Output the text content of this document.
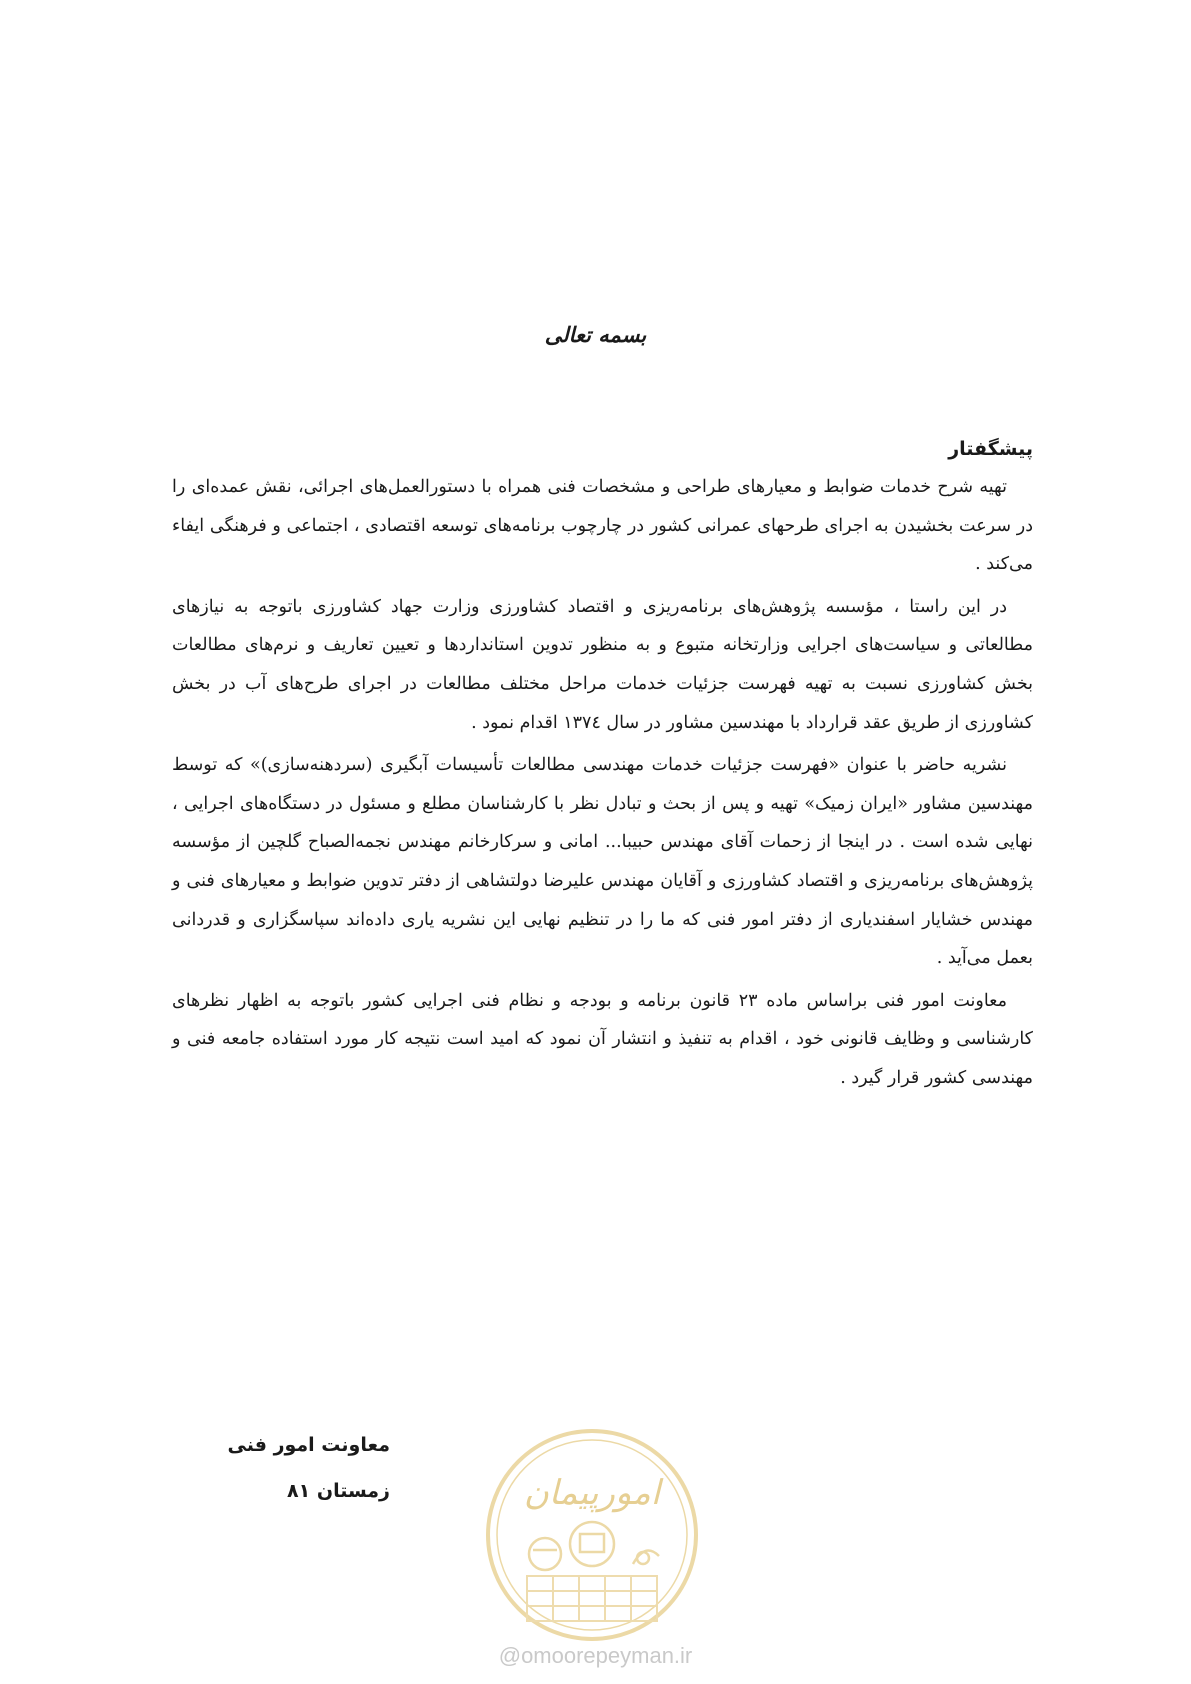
بسمه تعالی
پیشگفتار

تهیه شرح خدمات ضوابط و معیارهای طراحی و مشخصات فنی همراه با دستورالعمل‌های اجرائی، نقش عمده‌ای را در سرعت بخشیدن به اجرای طرحهای عمرانی کشور در چارچوب برنامه‌های توسعه اقتصادی ، اجتماعی و فرهنگی ایفاء می‌کند .

در این راستا ، مؤسسه پژوهش‌های برنامه‌ریزی و اقتصاد کشاورزی وزارت جهاد کشاورزی باتوجه به نیازهای مطالعاتی و سیاست‌های اجرایی وزارتخانه متبوع و به منظور تدوین استانداردها و تعیین تعاریف و نرم‌های مطالعات بخش کشاورزی نسبت به تهیه فهرست جزئیات خدمات مراحل مختلف مطالعات در اجرای طرح‌های آب در بخش کشاورزی از طریق عقد قرارداد با مهندسین مشاور در سال ۱۳۷٤ اقدام نمود .

نشریه حاضر با عنوان «فهرست جزئیات خدمات مهندسی مطالعات تأسیسات آبگیری (سردهنه‌سازی)» که توسط مهندسین مشاور «ایران زمیک» تهیه و پس از بحث و تبادل نظر با کارشناسان مطلع و مسئول در دستگاه‌های اجرایی ، نهایی شده است . در اینجا از زحمات آقای مهندس حبیبا... امانی و سرکارخانم مهندس نجمه‌الصباح گلچین از مؤسسه پژوهش‌های برنامه‌ریزی و اقتصاد کشاورزی و آقایان مهندس علیرضا دولتشاهی از دفتر تدوین ضوابط و معیارهای فنی و مهندس خشایار اسفندیاری از دفتر امور فنی که ما را در تنظیم نهایی این نشریه یاری داده‌اند سپاسگزاری و قدردانی بعمل می‌آید .

معاونت امور فنی براساس ماده ۲۳ قانون برنامه و بودجه و نظام فنی اجرایی کشور باتوجه به اظهار نظرهای کارشناسی و وظایف قانونی خود ، اقدام به تنفیذ و انتشار آن نمود که امید است نتیجه کار مورد استفاده جامعه فنی و مهندسی کشور قرار گیرد .

معاونت امور فنی
زمستان ۸۱	امورپیمان
@omoorepeyman.ir
